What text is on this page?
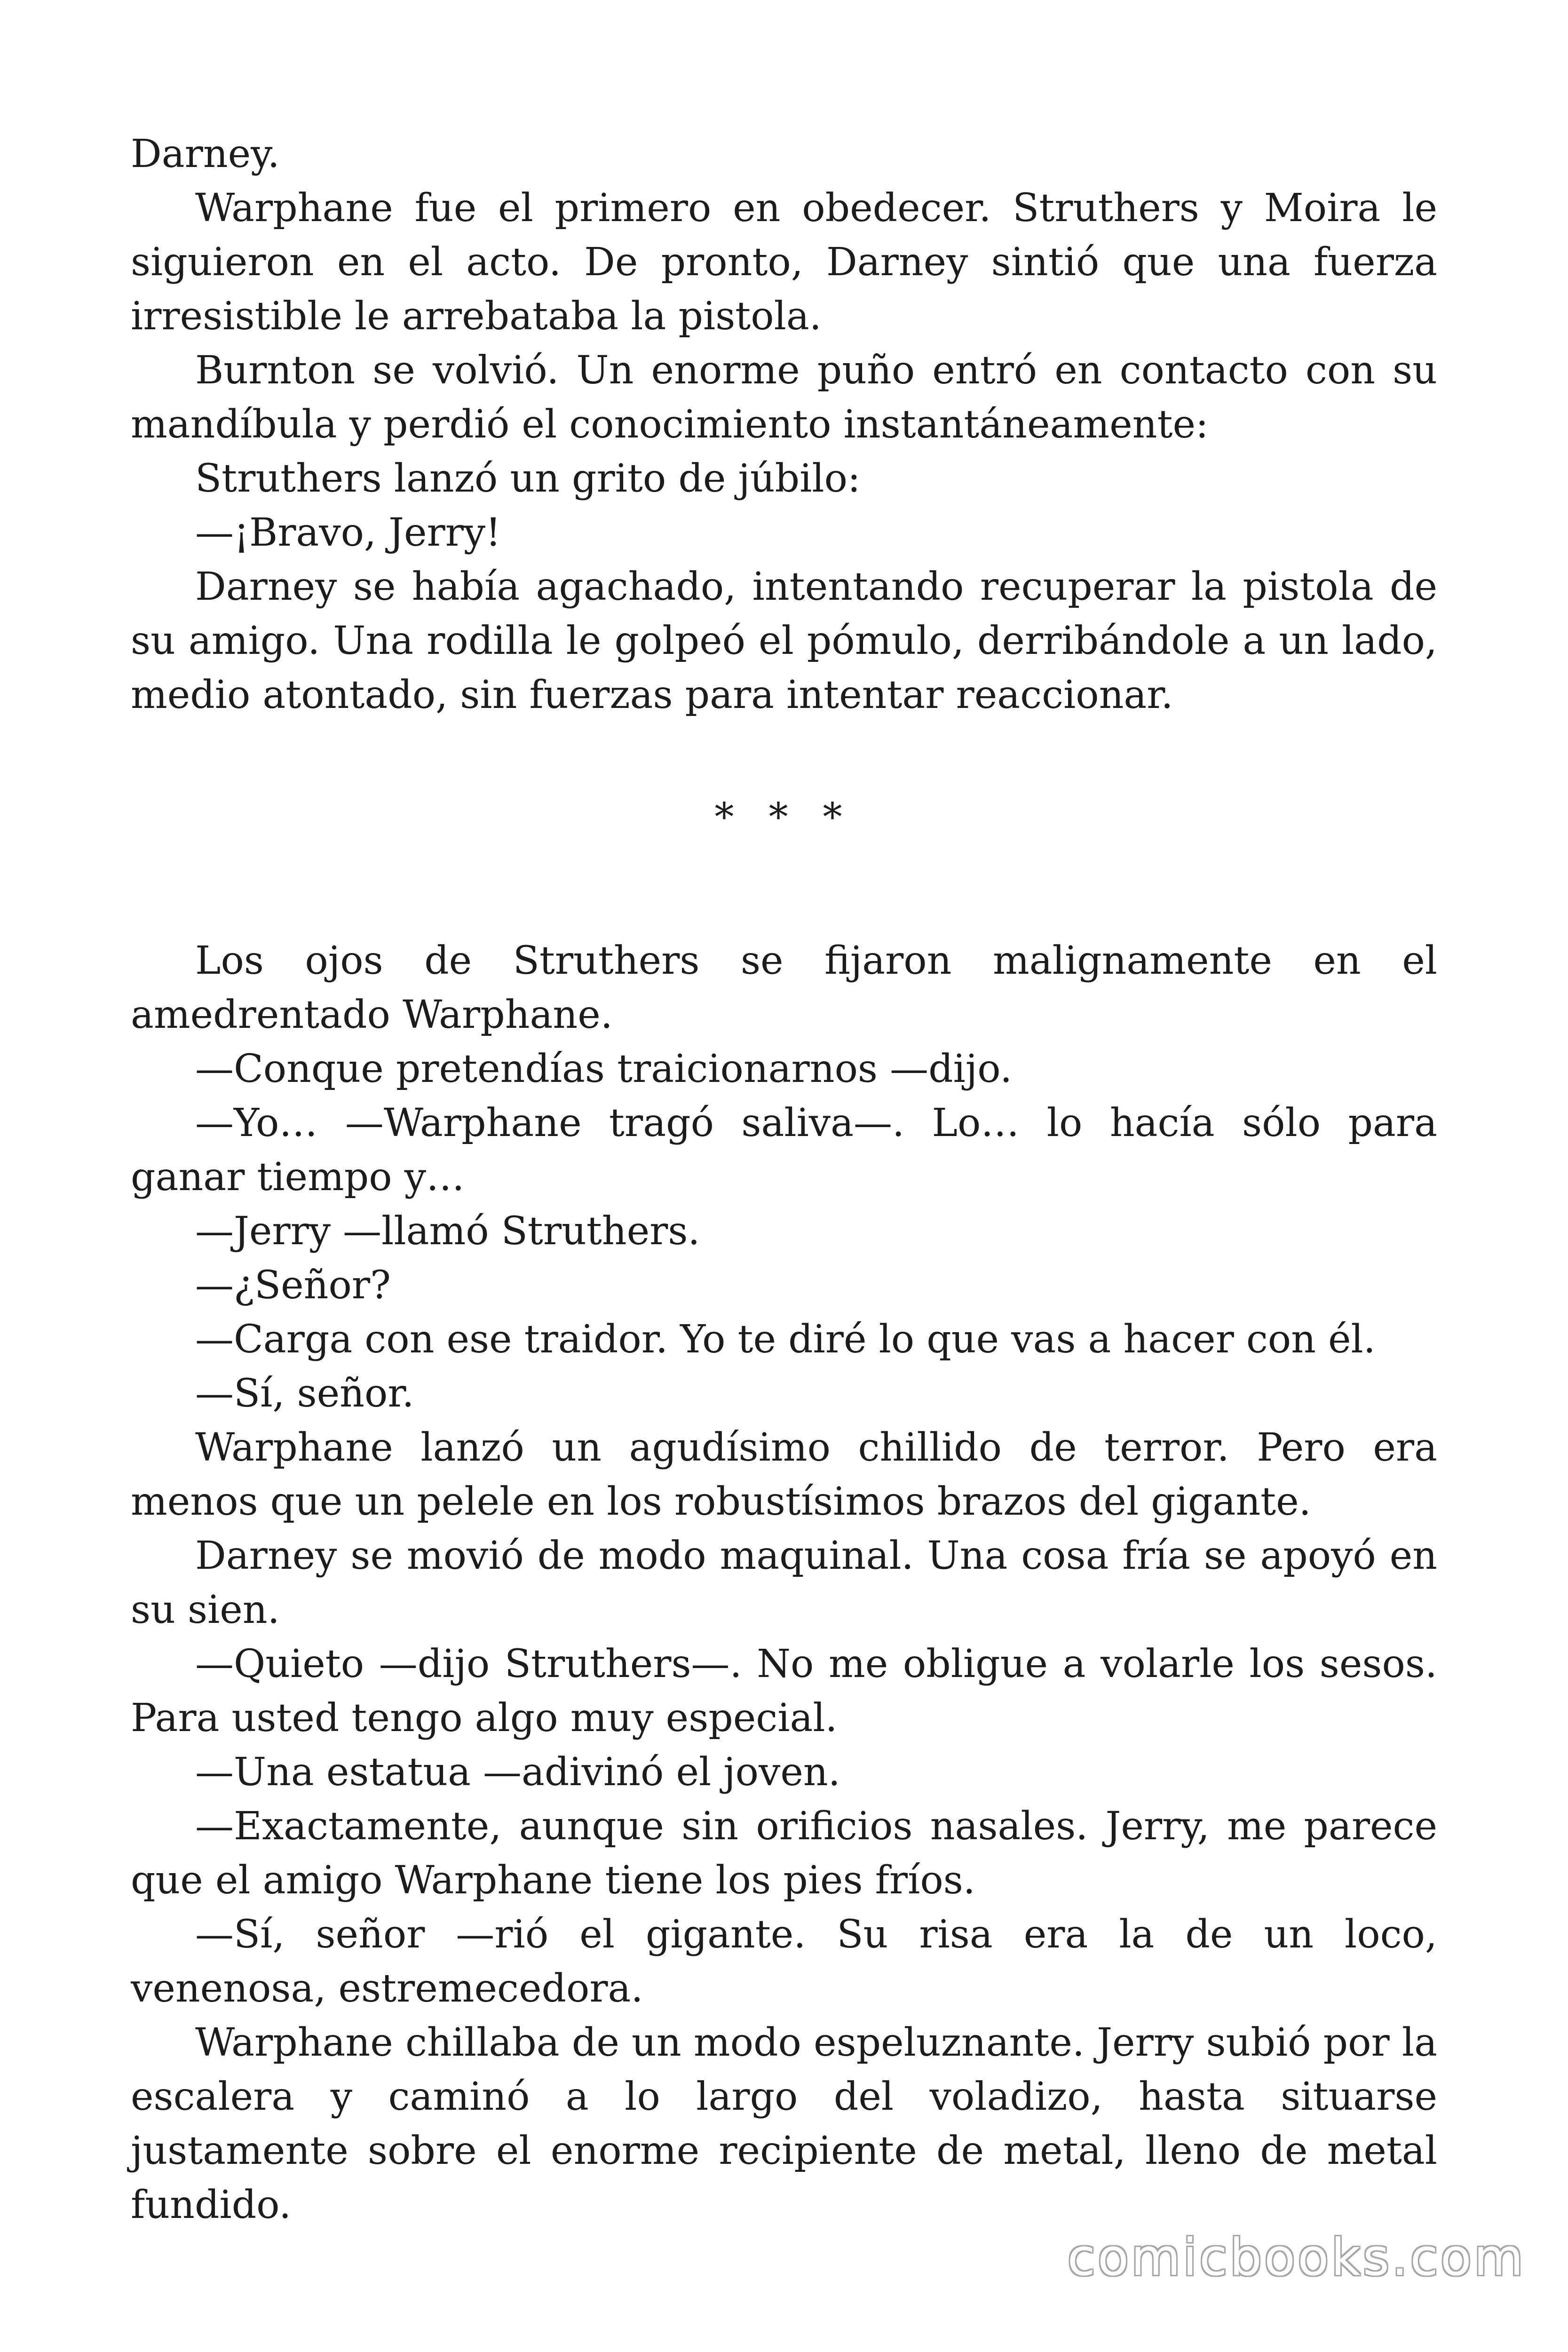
Darney.

Warphane fue el primero en obedecer. Struthers y Moira le siguieron en el acto. De pronto, Darney sintió que una fuerza irresistible le arrebataba la pistola.

Burnton se volvió. Un enorme puño entró en contacto con su mandíbula y perdió el conocimiento instantáneamente:

Struthers lanzó un grito de júbilo:

—¡Bravo, Jerry!

Darney se había agachado, intentando recuperar la pistola de su amigo. Una rodilla le golpeó el pómulo, derribándole a un lado, medio atontado, sin fuerzas para intentar reaccionar.

* * *

Los ojos de Struthers se fijaron malignamente en el amedrentado Warphane.

—Conque pretendías traicionarnos —dijo.

—Yo… —Warphane tragó saliva—. Lo… lo hacía sólo para ganar tiempo y…

—Jerry —llamó Struthers.

—¿Señor?

—Carga con ese traidor. Yo te diré lo que vas a hacer con él.

—Sí, señor.

Warphane lanzó un agudísimo chillido de terror. Pero era menos que un pelele en los robustísimos brazos del gigante.

Darney se movió de modo maquinal. Una cosa fría se apoyó en su sien.

—Quieto —dijo Struthers—. No me obligue a volarle los sesos. Para usted tengo algo muy especial.

—Una estatua —adivinó el joven.

—Exactamente, aunque sin orificios nasales. Jerry, me parece que el amigo Warphane tiene los pies fríos.

—Sí, señor —rió el gigante. Su risa era la de un loco, venenosa, estremecedora.

Warphane chillaba de un modo espeluznante. Jerry subió por la escalera y caminó a lo largo del voladizo, hasta situarse justamente sobre el enorme recipiente de metal, lleno de metal fundido.

comicbooks.com
